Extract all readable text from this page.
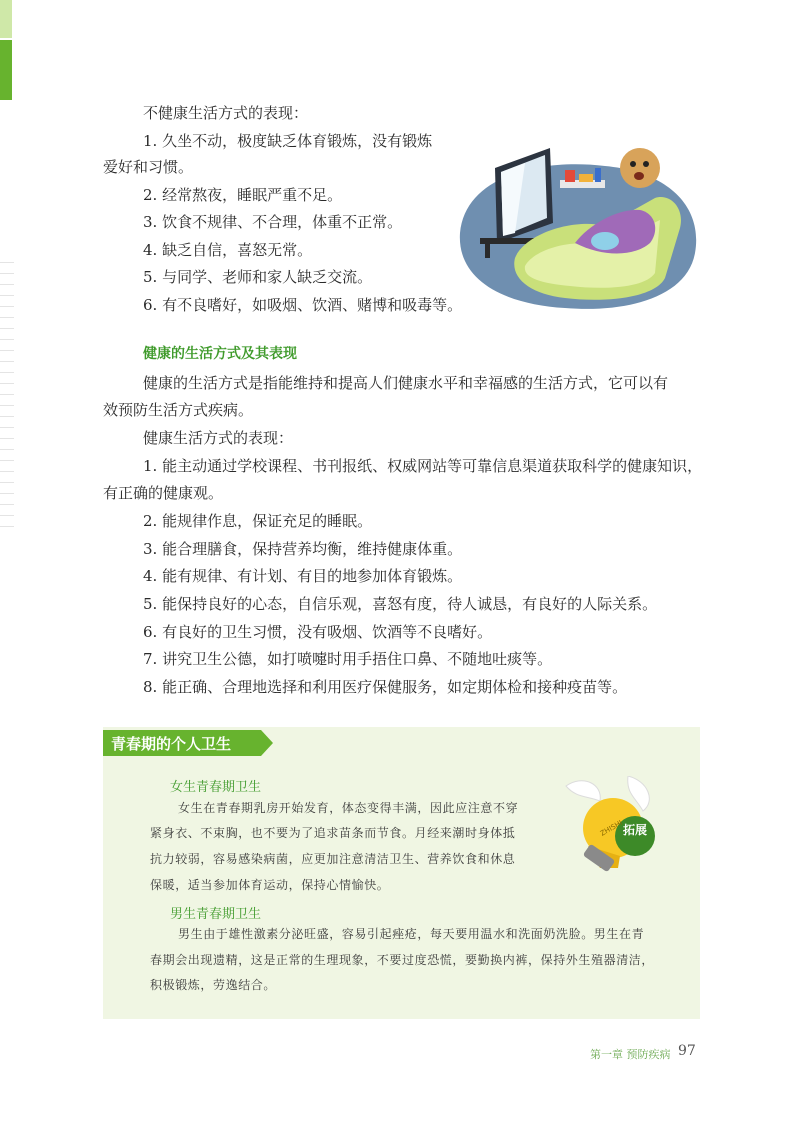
不健康生活方式的表现：
1. 久坐不动，极度缺乏体育锻炼，没有锻炼
爱好和习惯。
2. 经常熬夜，睡眠严重不足。
3. 饮食不规律、不合理，体重不正常。
4. 缺乏自信，喜怒无常。
5. 与同学、老师和家人缺乏交流。
6. 有不良嗜好，如吸烟、饮酒、赌博和吸毒等。
健康的生活方式及其表现
健康的生活方式是指能维持和提高人们健康水平和幸福感的生活方式，它可以有
效预防生活方式疾病。
健康生活方式的表现：
1. 能主动通过学校课程、书刊报纸、权威网站等可靠信息渠道获取科学的健康知识，
有正确的健康观。
2. 能规律作息，保证充足的睡眠。
3. 能合理膳食，保持营养均衡，维持健康体重。
4. 能有规律、有计划、有目的地参加体育锻炼。
5. 能保持良好的心态，自信乐观，喜怒有度，待人诚恳，有良好的人际关系。
6. 有良好的卫生习惯，没有吸烟、饮酒等不良嗜好。
7. 讲究卫生公德，如打喷嚏时用手捂住口鼻、不随地吐痰等。
8. 能正确、合理地选择和利用医疗保健服务，如定期体检和接种疫苗等。
青春期的个人卫生
女生青春期卫生
女生在青春期乳房开始发育，体态变得丰满，因此应注意不穿
紧身衣、不束胸，也不要为了追求苗条而节食。月经来潮时身体抵
抗力较弱，容易感染病菌，应更加注意清洁卫生、营养饮食和休息
保暖，适当参加体育运动，保持心情愉快。
男生青春期卫生
男生由于雄性激素分泌旺盛，容易引起痤疮，每天要用温水和洗面奶洗脸。男生在青
春期会出现遗精，这是正常的生理现象，不要过度恐慌，要勤换内裤，保持外生殖器清洁，
积极锻炼，劳逸结合。
拓展
ZHISHI
第一章 预防疾病 97
